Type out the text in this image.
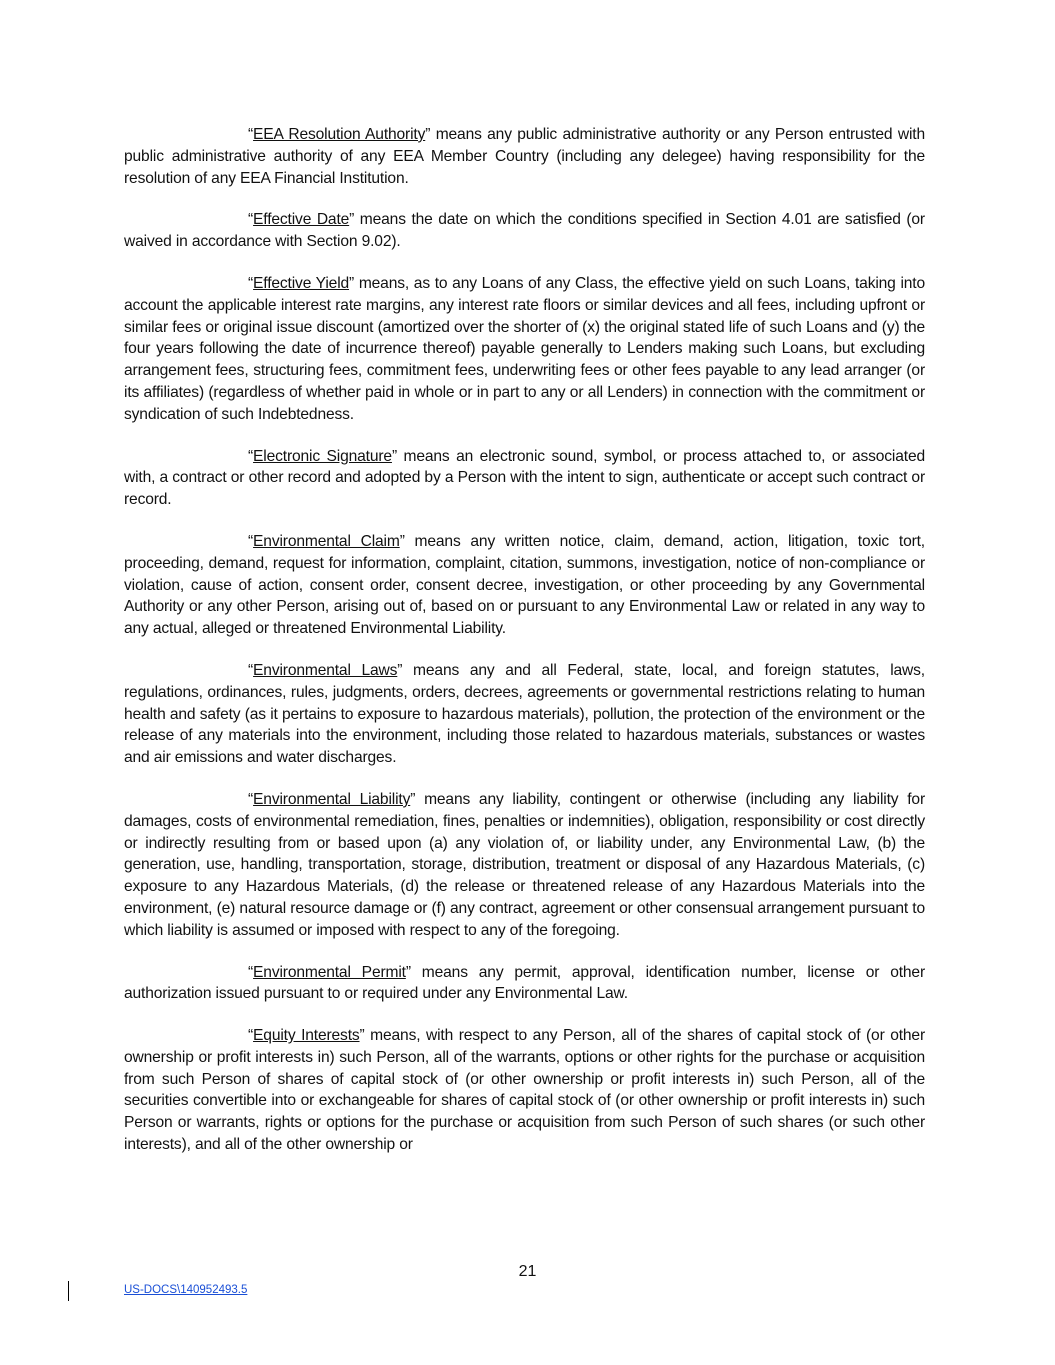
“EEA Resolution Authority” means any public administrative authority or any Person entrusted with public administrative authority of any EEA Member Country (including any delegee) having responsibility for the resolution of any EEA Financial Institution.

“Effective Date” means the date on which the conditions specified in Section 4.01 are satisfied (or waived in accordance with Section 9.02).

“Effective Yield” means, as to any Loans of any Class, the effective yield on such Loans, taking into account the applicable interest rate margins, any interest rate floors or similar devices and all fees, including upfront or similar fees or original issue discount (amortized over the shorter of (x) the original stated life of such Loans and (y) the four years following the date of incurrence thereof) payable generally to Lenders making such Loans, but excluding arrangement fees, structuring fees, commitment fees, underwriting fees or other fees payable to any lead arranger (or its affiliates) (regardless of whether paid in whole or in part to any or all Lenders) in connection with the commitment or syndication of such Indebtedness.

“Electronic Signature” means an electronic sound, symbol, or process attached to, or associated with, a contract or other record and adopted by a Person with the intent to sign, authenticate or accept such contract or record.

“Environmental Claim” means any written notice, claim, demand, action, litigation, toxic tort, proceeding, demand, request for information, complaint, citation, summons, investigation, notice of non-compliance or violation, cause of action, consent order, consent decree, investigation, or other proceeding by any Governmental Authority or any other Person, arising out of, based on or pursuant to any Environmental Law or related in any way to any actual, alleged or threatened Environmental Liability.

“Environmental Laws” means any and all Federal, state, local, and foreign statutes, laws, regulations, ordinances, rules, judgments, orders, decrees, agreements or governmental restrictions relating to human health and safety (as it pertains to exposure to hazardous materials), pollution, the protection of the environment or the release of any materials into the environment, including those related to hazardous materials, substances or wastes and air emissions and water discharges.

“Environmental Liability” means any liability, contingent or otherwise (including any liability for damages, costs of environmental remediation, fines, penalties or indemnities), obligation, responsibility or cost directly or indirectly resulting from or based upon (a) any violation of, or liability under, any Environmental Law, (b) the generation, use, handling, transportation, storage, distribution, treatment or disposal of any Hazardous Materials, (c) exposure to any Hazardous Materials, (d) the release or threatened release of any Hazardous Materials into the environment, (e) natural resource damage or (f) any contract, agreement or other consensual arrangement pursuant to which liability is assumed or imposed with respect to any of the foregoing.

“Environmental Permit” means any permit, approval, identification number, license or other authorization issued pursuant to or required under any Environmental Law.

“Equity Interests” means, with respect to any Person, all of the shares of capital stock of (or other ownership or profit interests in) such Person, all of the warrants, options or other rights for the purchase or acquisition from such Person of shares of capital stock of (or other ownership or profit interests in) such Person, all of the securities convertible into or exchangeable for shares of capital stock of (or other ownership or profit interests in) such Person or warrants, rights or options for the purchase or acquisition from such Person of such shares (or such other interests), and all of the other ownership or

21
US-DOCS\140952493.5
